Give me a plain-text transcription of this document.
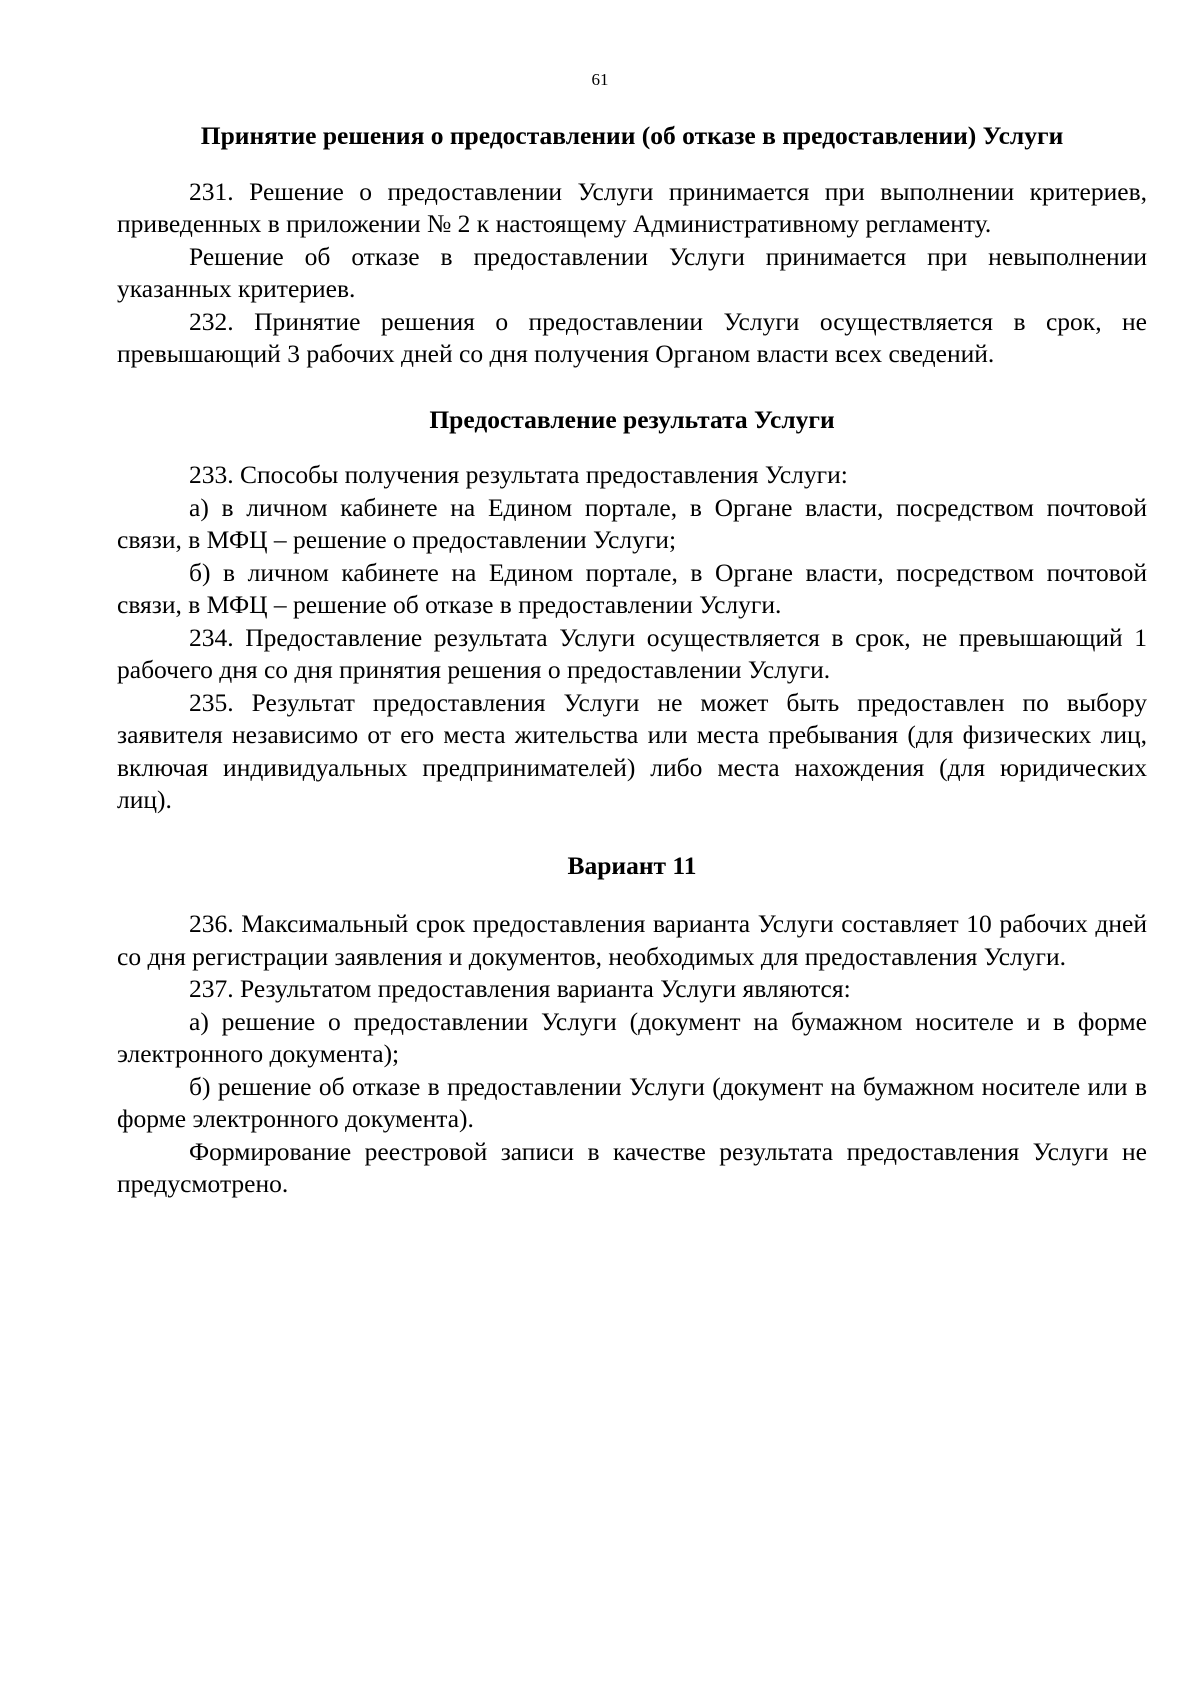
61
Принятие решения о предоставлении (об отказе в предоставлении) Услуги

231. Решение о предоставлении Услуги принимается при выполнении критериев, приведенных в приложении № 2 к настоящему Административному регламенту.

Решение об отказе в предоставлении Услуги принимается при невыполнении указанных критериев.

232. Принятие решения о предоставлении Услуги осуществляется в срок, не превышающий 3 рабочих дней со дня получения Органом власти всех сведений.

Предоставление результата Услуги

233. Способы получения результата предоставления Услуги:

а) в личном кабинете на Едином портале, в Органе власти, посредством почтовой связи, в МФЦ – решение о предоставлении Услуги;

б) в личном кабинете на Едином портале, в Органе власти, посредством почтовой связи, в МФЦ – решение об отказе в предоставлении Услуги.

234. Предоставление результата Услуги осуществляется в срок, не превышающий 1 рабочего дня со дня принятия решения о предоставлении Услуги.

235. Результат предоставления Услуги не может быть предоставлен по выбору заявителя независимо от его места жительства или места пребывания (для физических лиц, включая индивидуальных предпринимателей) либо места нахождения (для юридических лиц).

Вариант 11

236. Максимальный срок предоставления варианта Услуги составляет 10 рабочих дней со дня регистрации заявления и документов, необходимых для предоставления Услуги.

237. Результатом предоставления варианта Услуги являются:

а) решение о предоставлении Услуги (документ на бумажном носителе и в форме электронного документа);

б) решение об отказе в предоставлении Услуги (документ на бумажном носителе или в форме электронного документа).

Формирование реестровой записи в качестве результата предоставления Услуги не предусмотрено.
